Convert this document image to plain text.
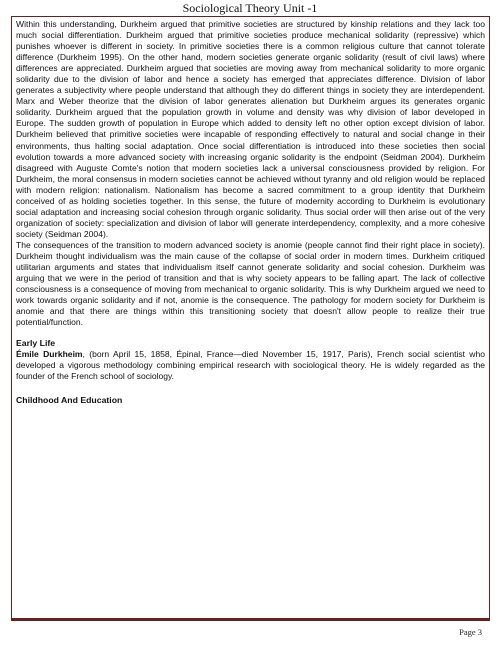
Sociological Theory Unit -1

Within this understanding, Durkheim argued that primitive societies are structured by kinship relations and they lack too much social differentiation. Durkheim argued that primitive societies produce mechanical solidarity (repressive) which punishes whoever is different in society. In primitive societies there is a common religious culture that cannot tolerate difference (Durkheim 1995). On the other hand, modern societies generate organic solidarity (result of civil laws) where differences are appreciated. Durkheim argued that societies are moving away from mechanical solidarity to more organic solidarity due to the division of labor and hence a society has emerged that appreciates difference. Division of labor generates a subjectivity where people understand that although they do different things in society they are interdependent. Marx and Weber theorize that the division of labor generates alienation but Durkheim argues its generates organic solidarity. Durkheim argued that the population growth in volume and density was why division of labor developed in Europe. The sudden growth of population in Europe which added to density left no other option except division of labor. Durkheim believed that primitive societies were incapable of responding effectively to natural and social change in their environments, thus halting social adaptation. Once social differentiation is introduced into these societies then social evolution towards a more advanced society with increasing organic solidarity is the endpoint (Seidman 2004). Durkheim disagreed with Auguste Comte's notion that modern societies lack a universal consciousness provided by religion. For Durkheim, the moral consensus in modern societies cannot be achieved without tyranny and old religion would be replaced with modern religion: nationalism. Nationalism has become a sacred commitment to a group identity that Durkheim conceived of as holding societies together. In this sense, the future of modernity according to Durkheim is evolutionary social adaptation and increasing social cohesion through organic solidarity. Thus social order will then arise out of the very organization of society: specialization and division of labor will generate interdependency, complexity, and a more cohesive society (Seidman 2004).

The consequences of the transition to modern advanced society is anomie (people cannot find their right place in society). Durkheim thought individualism was the main cause of the collapse of social order in modern times. Durkheim critiqued utilitarian arguments and states that individualism itself cannot generate solidarity and social cohesion. Durkheim was arguing that we were in the period of transition and that is why society appears to be falling apart. The lack of collective consciousness is a consequence of moving from mechanical to organic solidarity. This is why Durkheim argued we need to work towards organic solidarity and if not, anomie is the consequence. The pathology for modern society for Durkheim is anomie and that there are things within this transitioning society that doesn't allow people to realize their true potential/function.

Early Life

Émile Durkheim, (born April 15, 1858, Épinal, France—died November 15, 1917, Paris), French social scientist who developed a vigorous methodology combining empirical research with sociological theory. He is widely regarded as the founder of the French school of sociology.

Childhood And Education
Page 3
